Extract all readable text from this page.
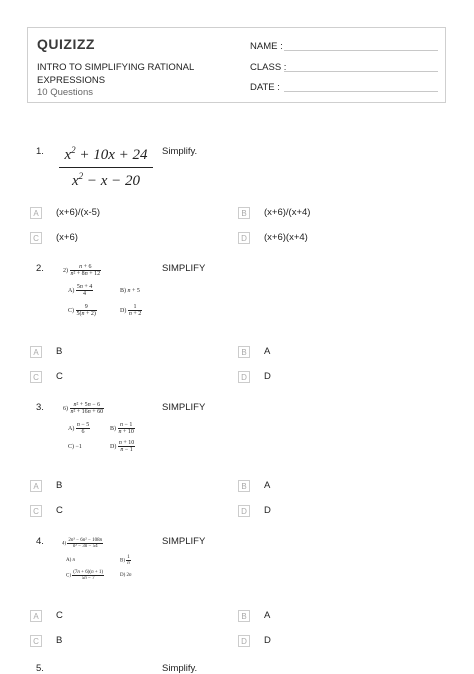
QUIZIZZ
INTRO TO SIMPLIFYING RATIONAL EXPRESSIONS
10 Questions
NAME :
CLASS :
DATE :
1.	$x^2 + 10x + 24$
$x^2 - x - 20$
Simplify.
A	(x+6)/(x-5)	B	(x+6)/(x+4)
C	(x+6)	D	(x+6)(x+4)
2.	$2) \frac{n + 6}{\text{n² + 8n + 12}}$
$A) \frac{5n + 4}{4}$	B) n + 5
$C) \frac{9}{5(n + 2)}$	$D) \frac{1}{n + 2}$
SIMPLIFY
A	B	B	A
C	C	D	D
3.	$6) \frac{\text{n² + 5n − 6}}{\text{n² + 16n + 60}}$
$A) \frac{n - 5}{6}$	$B) \frac{n - 1}{n + 10}$
C) −1	$D) \frac{n + 10}{n - 1}$
SIMPLIFY
A	B	B	A
C	C	D	D
4.	$4) \frac{\text{2n³ − 6n² − 108n}}{\text{n² − 3n − 54}}$
A) n	$B) \frac{1}{n}$
$C) \frac{(7n + 6)(n + 1)}{5n - 7}$	D) 2n
SIMPLIFY
A	C	B	A
C	B	D	D
5.	Simplify.
